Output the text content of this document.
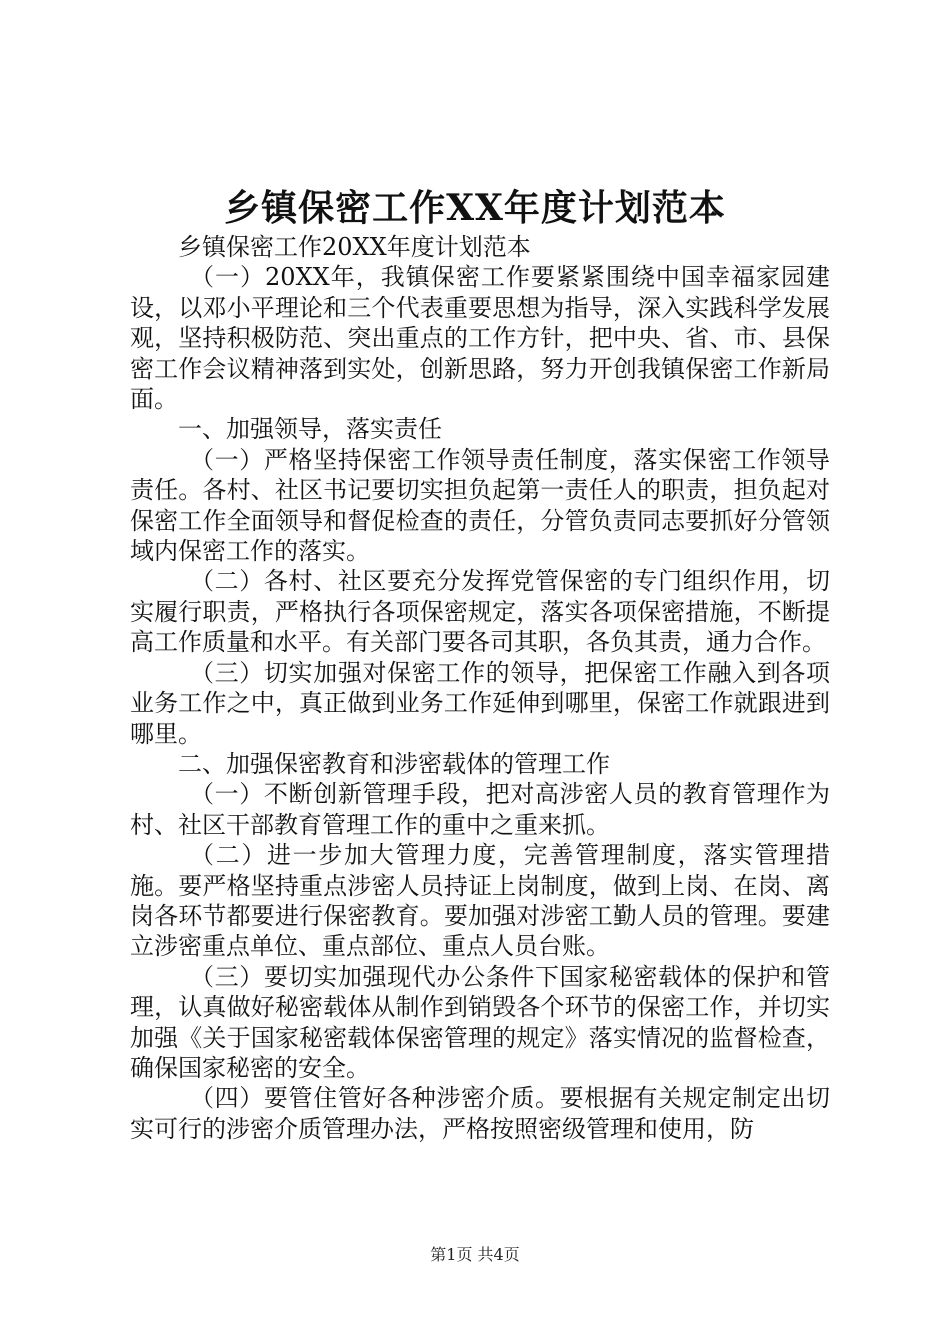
乡镇保密工作XX年度计划范本

乡镇保密工作20XX年度计划范本

（一）20XX年，我镇保密工作要紧紧围绕中国幸福家园建设，以邓小平理论和三个代表重要思想为指导，深入实践科学发展观，坚持积极防范、突出重点的工作方针，把中央、省、市、县保密工作会议精神落到实处，创新思路，努力开创我镇保密工作新局面。

一、加强领导，落实责任

（一）严格坚持保密工作领导责任制度，落实保密工作领导责任。各村、社区书记要切实担负起第一责任人的职责，担负起对保密工作全面领导和督促检查的责任，分管负责同志要抓好分管领域内保密工作的落实。

（二）各村、社区要充分发挥党管保密的专门组织作用，切实履行职责，严格执行各项保密规定，落实各项保密措施，不断提高工作质量和水平。有关部门要各司其职，各负其责，通力合作。

（三）切实加强对保密工作的领导，把保密工作融入到各项业务工作之中，真正做到业务工作延伸到哪里，保密工作就跟进到哪里。

二、加强保密教育和涉密载体的管理工作

（一）不断创新管理手段，把对高涉密人员的教育管理作为村、社区干部教育管理工作的重中之重来抓。

（二）进一步加大管理力度，完善管理制度，落实管理措施。要严格坚持重点涉密人员持证上岗制度，做到上岗、在岗、离岗各环节都要进行保密教育。要加强对涉密工勤人员的管理。要建立涉密重点单位、重点部位、重点人员台账。

（三）要切实加强现代办公条件下国家秘密载体的保护和管理，认真做好秘密载体从制作到销毁各个环节的保密工作，并切实加强《关于国家秘密载体保密管理的规定》落实情况的监督检查，确保国家秘密的安全。

（四）要管住管好各种涉密介质。要根据有关规定制定出切实可行的涉密介质管理办法，严格按照密级管理和使用，防

第1页 共4页
